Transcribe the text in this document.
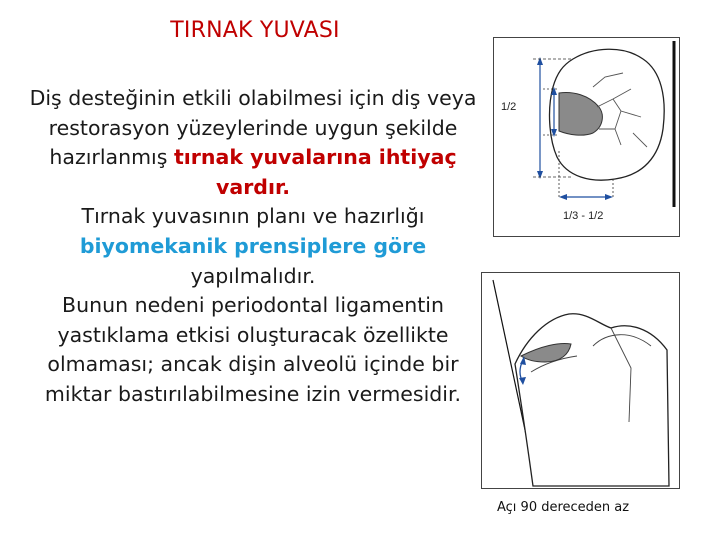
TIRNAK YUVASI
Diş desteğinin etkili olabilmesi için diş veya restorasyon yüzeylerinde uygun şekilde hazırlanmış tırnak yuvalarına ihtiyaç vardır.
Tırnak yuvasının planı ve hazırlığı biyomekanik prensiplere göre yapılmalıdır.
Bunun nedeni periodontal ligamentin yastıklama etkisi oluşturacak özellikte olmaması; ancak dişin alveolü içinde bir miktar bastırılabilmesine izin vermesidir.
1/2
1/3 - 1/2
Açı 90 dereceden az
